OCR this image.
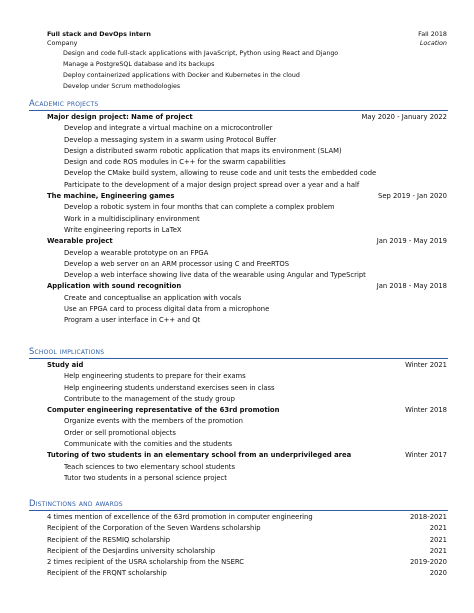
Full stack and DevOps intern	Fall 2018
Company	Location
Design and code full-stack applications with JavaScript, Python using React and Django
Manage a PostgreSQL database and its backups
Deploy containerized applications with Docker and Kubernetes in the cloud
Develop under Scrum methodologies
Academic projects
Major design project: Name of project	May 2020 - January 2022
Develop and integrate a virtual machine on a microcontroller
Develop a messaging system in a swarm using Protocol Buffer
Design a distributed swarm robotic application that maps its environment (SLAM)
Design and code ROS modules in C++ for the swarm capabilities
Develop the CMake build system, allowing to reuse code and unit tests the embedded code
Participate to the development of a major design project spread over a year and a half
The machine, Engineering games	Sep 2019 - Jan 2020
Develop a robotic system in four months that can complete a complex problem
Work in a multidisciplinary environment
Write engineering reports in LaTeX
Wearable project	Jan 2019 - May 2019
Develop a wearable prototype on an FPGA
Develop a web server on an ARM processor using C and FreeRTOS
Develop a web interface showing live data of the wearable using Angular and TypeScript
Application with sound recognition	Jan 2018 - May 2018
Create and conceptualise an application with vocals
Use an FPGA card to process digital data from a microphone
Program a user interface in C++ and Qt
School implications
Study aid	Winter 2021
Help engineering students to prepare for their exams
Help engineering students understand exercises seen in class
Contribute to the management of the study group
Computer engineering representative of the 63rd promotion	Winter 2018
Organize events with the members of the promotion
Order or sell promotional objects
Communicate with the comities and the students
Tutoring of two students in an elementary school from an underprivileged area	Winter 2017
Teach sciences to two elementary school students
Tutor two students in a personal science project
Distinctions and awards
4 times mention of excellence of the 63rd promotion in computer engineering	2018-2021
Recipient of the Corporation of the Seven Wardens scholarship	2021
Recipient of the RESMIQ scholarship	2021
Recipient of the Desjardins university scholarship	2021
2 times recipient of the USRA scholarship from the NSERC	2019-2020
Recipient of the FRQNT scholarship	2020
